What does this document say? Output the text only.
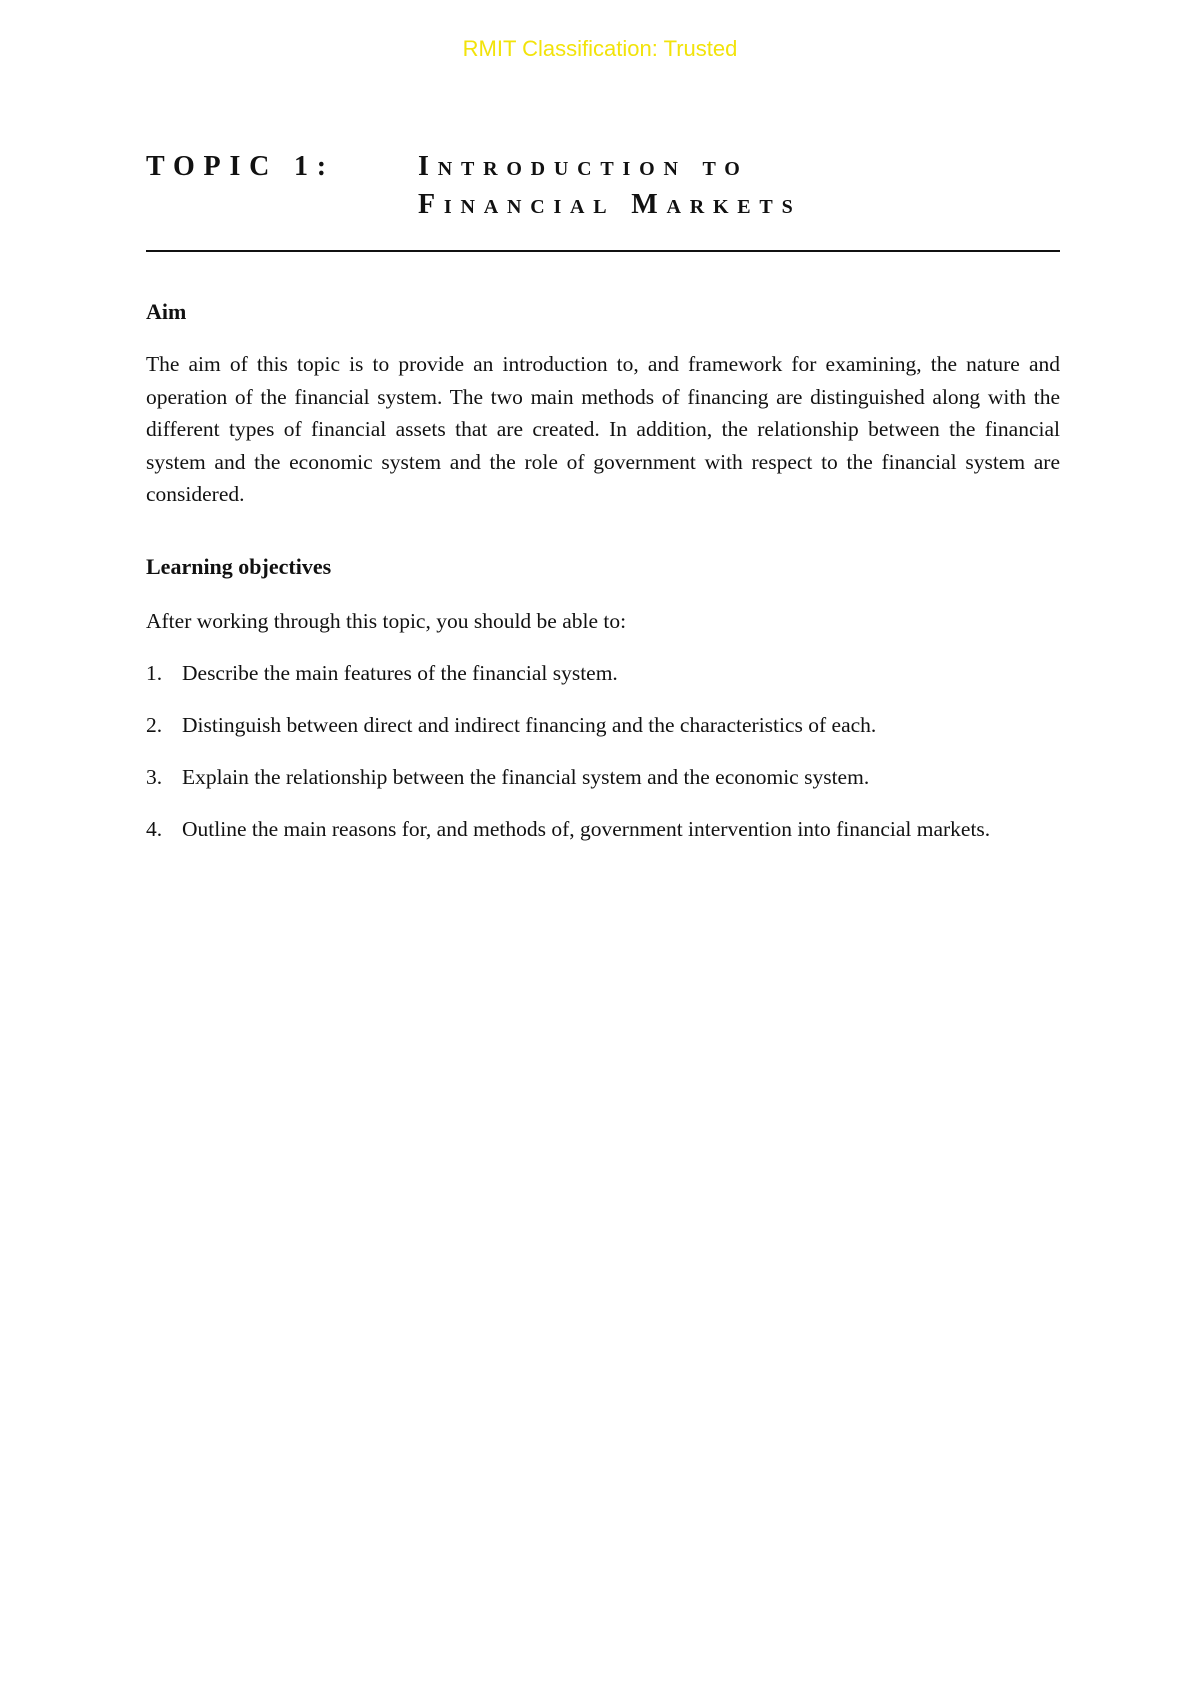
RMIT Classification: Trusted
TOPIC 1:	Introduction to
Financial Markets
Aim

The aim of this topic is to provide an introduction to, and framework for examining, the nature and operation of the financial system. The two main methods of financing are distinguished along with the different types of financial assets that are created. In addition, the relationship between the financial system and the economic system and the role of government with respect to the financial system are considered.

Learning objectives
After working through this topic, you should be able to:
1. Describe the main features of the financial system.
2. Distinguish between direct and indirect financing and the characteristics of each.
3. Explain the relationship between the financial system and the economic system.
4. Outline the main reasons for, and methods of, government intervention into financial markets.
